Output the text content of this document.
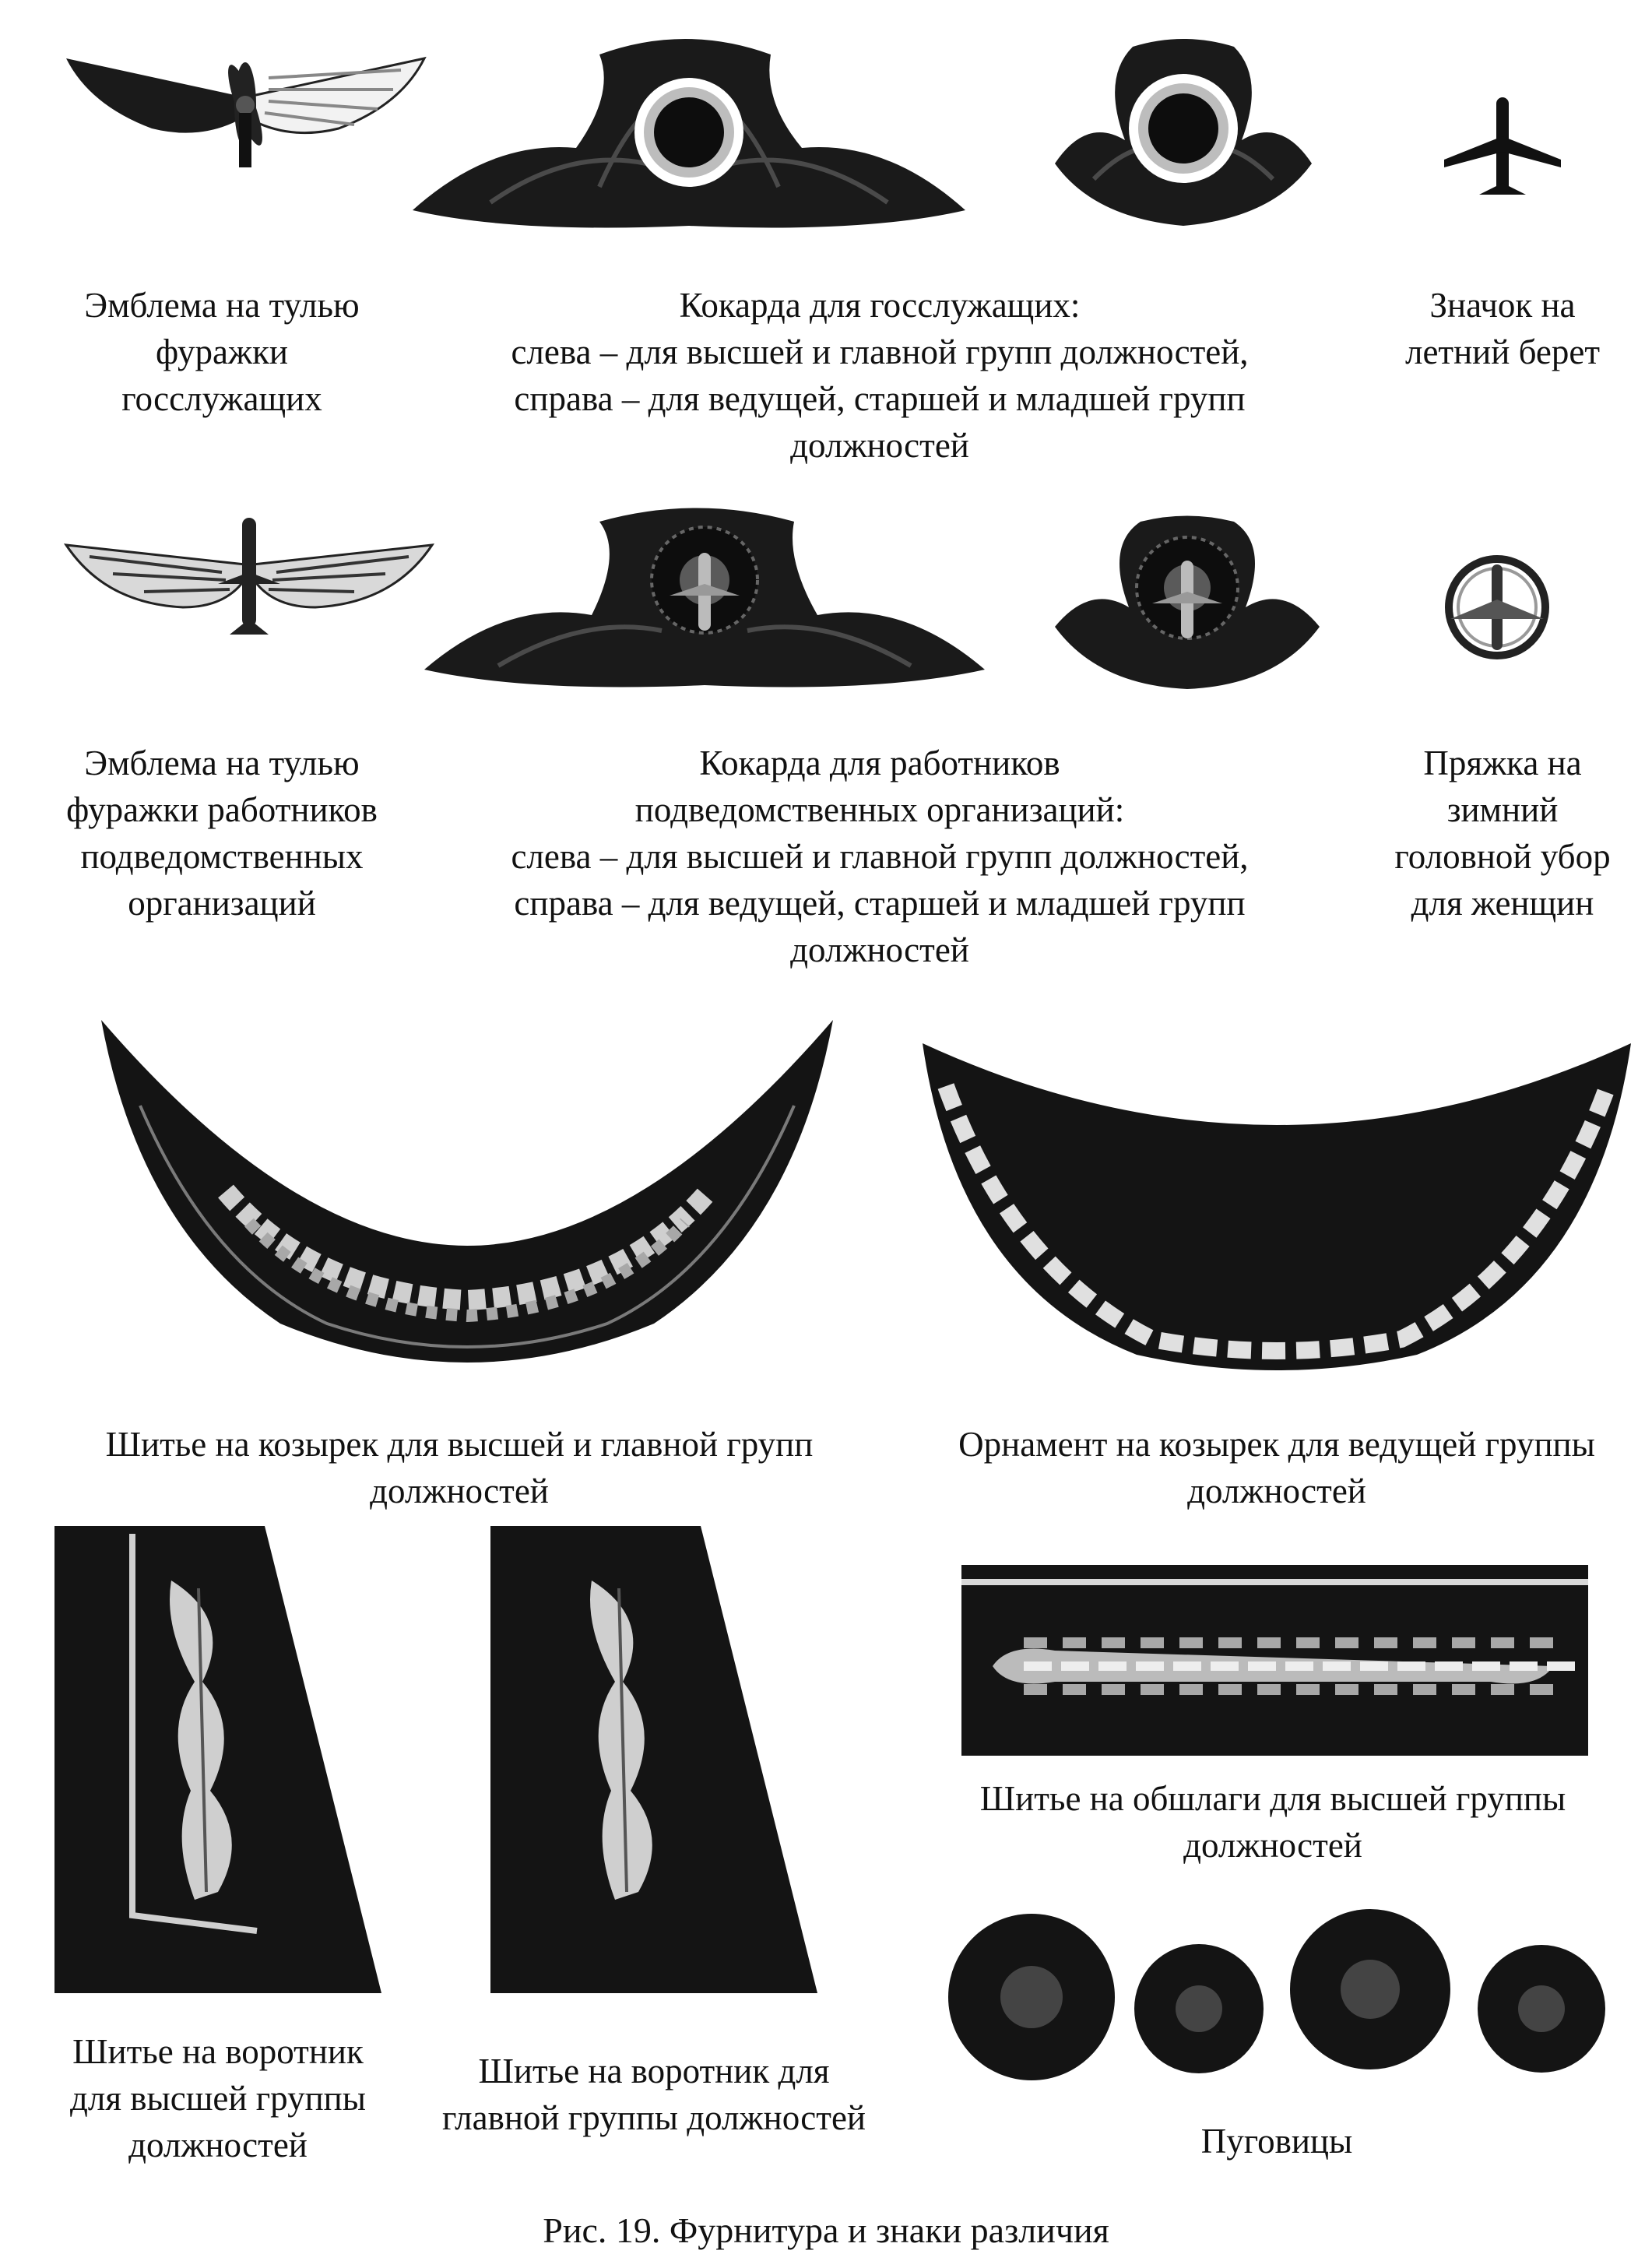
Эмблема на тулью
фуражки
госслужащих
Кокарда для госслужащих:
слева – для высшей и главной групп должностей,
справа – для ведущей, старшей и младшей групп
должностей
Значок на
летний берет
Эмблема на тулью
фуражки работников
подведомственных
организаций
Кокарда для работников
подведомственных организаций:
слева – для высшей и главной групп должностей,
справа – для ведущей, старшей и младшей групп
должностей
Пряжка на
зимний
головной убор
для женщин
Шитье на козырек для высшей и главной групп
должностей
Орнамент на козырек для ведущей группы
должностей
Шитье на обшлаги для высшей группы
должностей
Шитье на воротник
для высшей группы
должностей
Шитье на воротник для
главной группы должностей
Пуговицы
Рис. 19. Фурнитура и знаки различия
